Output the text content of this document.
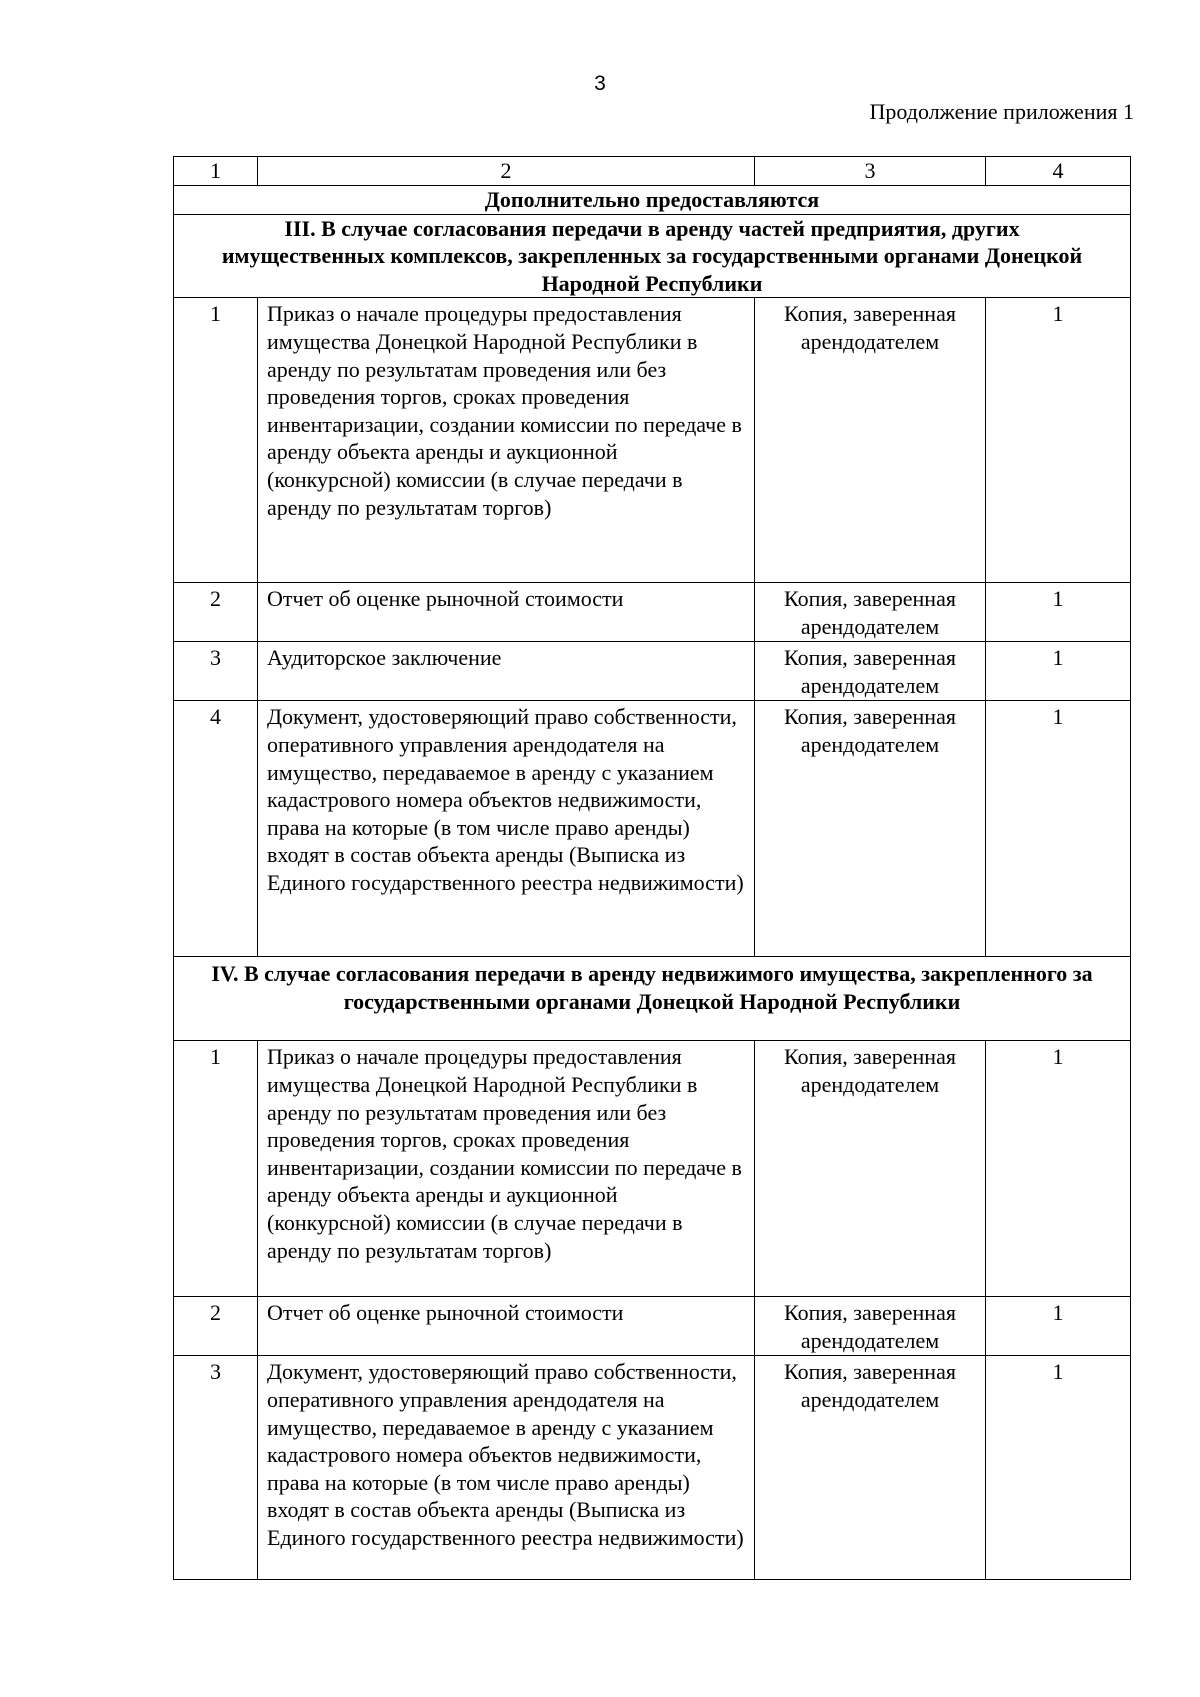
3
Продолжение приложения 1
1	2	3	4
Дополнительно предоставляются			
III. В случае согласования передачи в аренду частей предприятия, других имущественных комплексов, закрепленных за государственными органами Донецкой Народной Республики			
1	Приказ о начале процедуры предоставления имущества Донецкой Народной Республики в аренду по результатам проведения или без проведения торгов, сроках проведения инвентаризации, создании комиссии по передаче в аренду объекта аренды и аукционной (конкурсной) комиссии (в случае передачи в аренду по результатам торгов)	Копия, заверенная арендодателем	1
2	Отчет об оценке рыночной стоимости	Копия, заверенная арендодателем	1
3	Аудиторское заключение	Копия, заверенная арендодателем	1
4	Документ, удостоверяющий право собственности, оперативного управления арендодателя на имущество, передаваемое в аренду с указанием кадастрового номера объектов недвижимости, права на которые (в том числе право аренды) входят в состав объекта аренды (Выписка из Единого государственного реестра недвижимости)	Копия, заверенная арендодателем	1
IV. В случае согласования передачи в аренду недвижимого имущества, закрепленного за государственными органами Донецкой Народной Республики			
1	Приказ о начале процедуры предоставления имущества Донецкой Народной Республики в аренду по результатам проведения или без проведения торгов, сроках проведения инвентаризации, создании комиссии по передаче в аренду объекта аренды и аукционной (конкурсной) комиссии (в случае передачи в аренду по результатам торгов)	Копия, заверенная арендодателем	1
2	Отчет об оценке рыночной стоимости	Копия, заверенная арендодателем	1
3	Документ, удостоверяющий право собственности, оперативного управления арендодателя на имущество, передаваемое в аренду с указанием кадастрового номера объектов недвижимости, права на которые (в том числе право аренды) входят в состав объекта аренды (Выписка из Единого государственного реестра недвижимости)	Копия, заверенная арендодателем	1
